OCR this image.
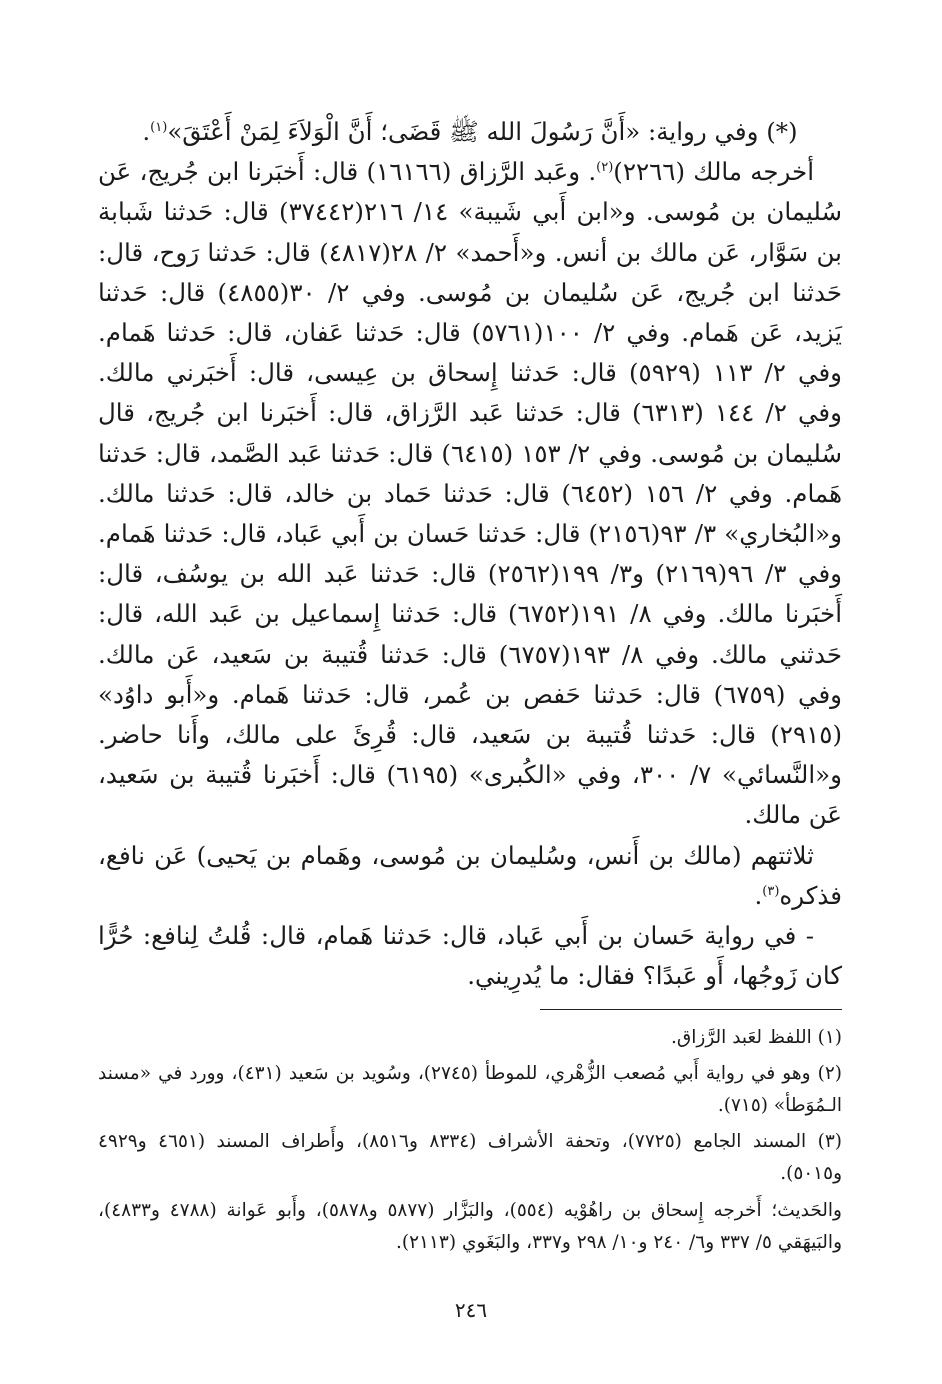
(*) وفي رواية: «أَنَّ رَسُولَ الله ﷺ قَضَى؛ أَنَّ الْوَلاَءَ لِمَنْ أَعْتَقَ»$^{(١)}$.

أخرجه مالك (٢٢٦٦)$^{(٢)}$. وعَبد الرَّزاق (١٦١٦٦) قال: أَخبَرنا ابن جُريج، عَن سُليمان بن مُوسى. و«ابن أَبي شَيبة» ١٤/ ٢١٦(٣٧٤٤٢) قال: حَدثنا شَبابة بن سَوَّار، عَن مالك بن أنس. و«أَحمد» ٢/ ٢٨(٤٨١٧) قال: حَدثنا رَوح، قال: حَدثنا ابن جُريج، عَن سُليمان بن مُوسى. وفي ٢/ ٣٠(٤٨٥٥) قال: حَدثنا يَزيد، عَن هَمام. وفي ٢/ ١٠٠(٥٧٦١) قال: حَدثنا عَفان، قال: حَدثنا هَمام. وفي ٢/ ١١٣ (٥٩٢٩) قال: حَدثنا إِسحاق بن عِيسى، قال: أَخبَرني مالك. وفي ٢/ ١٤٤ (٦٣١٣) قال: حَدثنا عَبد الرَّزاق، قال: أَخبَرنا ابن جُريج، قال سُليمان بن مُوسى. وفي ٢/ ١٥٣ (٦٤١٥) قال: حَدثنا عَبد الصَّمد، قال: حَدثنا هَمام. وفي ٢/ ١٥٦ (٦٤٥٢) قال: حَدثنا حَماد بن خالد، قال: حَدثنا مالك. و«البُخاري» ٣/ ٩٣(٢١٥٦) قال: حَدثنا حَسان بن أَبي عَباد، قال: حَدثنا هَمام. وفي ٣/ ٩٦(٢١٦٩) و٣/ ١٩٩(٢٥٦٢) قال: حَدثنا عَبد الله بن يوسُف، قال: أَخبَرنا مالك. وفي ٨/ ١٩١(٦٧٥٢) قال: حَدثنا إِسماعيل بن عَبد الله، قال: حَدثني مالك. وفي ٨/ ١٩٣(٦٧٥٧) قال: حَدثنا قُتيبة بن سَعيد، عَن مالك. وفي (٦٧٥٩) قال: حَدثنا حَفص بن عُمر، قال: حَدثنا هَمام. و«أَبو داوُد» (٢٩١٥) قال: حَدثنا قُتيبة بن سَعيد، قال: قُرِئَ على مالك، وأَنا حاضر. و«النَّسائي» ٧/ ٣٠٠، وفي «الكُبرى» (٦١٩٥) قال: أَخبَرنا قُتيبة بن سَعيد، عَن مالك.

ثلاثتهم (مالك بن أَنس، وسُليمان بن مُوسى، وهَمام بن يَحيى) عَن نافع، فذكره$^{(٣)}$.

- في رواية حَسان بن أَبي عَباد، قال: حَدثنا هَمام، قال: قُلتُ لِنافع: حُرًّا كان زَوجُها، أَو عَبدًا؟ فقال: ما يُدرِيني.

(١) اللفظ لعَبد الرَّزاق.

(٢) وهو في رواية أَبي مُصعب الزُّهْري، للموطأ (٢٧٤٥)، وسُويد بن سَعيد (٤٣١)، وورد في «مسند الـمُوَطأ» (٧١٥).

(٣) المسند الجامع (٧٧٢٥)، وتحفة الأشراف (٨٣٣٤ و٨٥١٦)، وأَطراف المسند (٤٦٥١ و٤٩٢٩ و٥٠١٥).

والحَديث؛ أَخرجه إِسحاق بن راهُوْيه (٥٥٤)، والبَزَّار (٥٨٧٧ و٥٨٧٨)، وأَبو عَوانة (٤٧٨٨ و٤٨٣٣)، والبَيهَقي ٥/ ٣٣٧ و٦/ ٢٤٠ و١٠/ ٢٩٨ و٣٣٧، والبَغَوي (٢١١٣).

٢٤٦
